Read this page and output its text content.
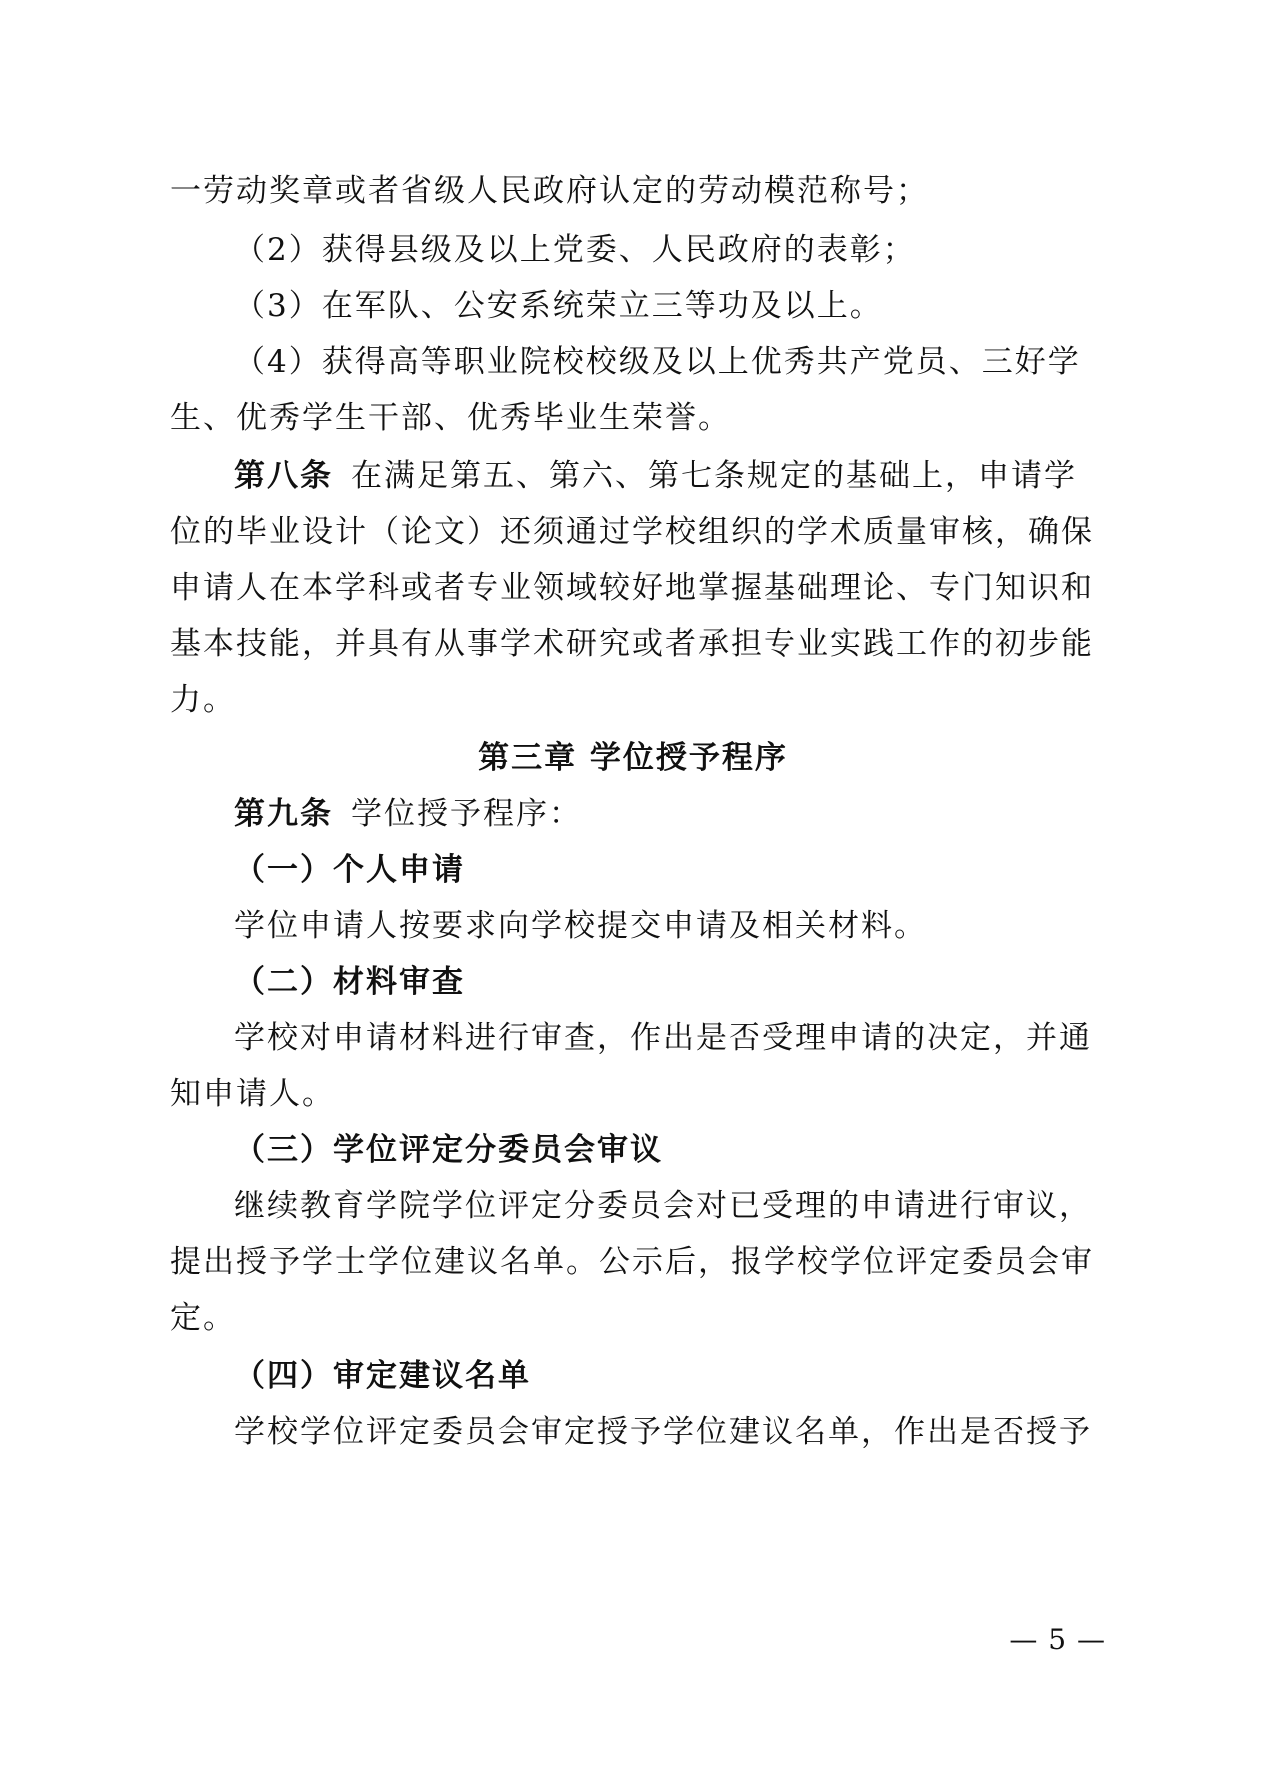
一劳动奖章或者省级人民政府认定的劳动模范称号；
（2）获得县级及以上党委、人民政府的表彰；
（3）在军队、公安系统荣立三等功及以上。
（4）获得高等职业院校校级及以上优秀共产党员、三好学
生、优秀学生干部、优秀毕业生荣誉。
第八条 在满足第五、第六、第七条规定的基础上，申请学
位的毕业设计（论文）还须通过学校组织的学术质量审核，确保
申请人在本学科或者专业领域较好地掌握基础理论、专门知识和
基本技能，并具有从事学术研究或者承担专业实践工作的初步能
力。
第三章 学位授予程序
第九条 学位授予程序：
（一）个人申请
学位申请人按要求向学校提交申请及相关材料。
（二）材料审查
学校对申请材料进行审查，作出是否受理申请的决定，并通
知申请人。
（三）学位评定分委员会审议
继续教育学院学位评定分委员会对已受理的申请进行审议，
提出授予学士学位建议名单。公示后，报学校学位评定委员会审
定。
（四）审定建议名单
学校学位评定委员会审定授予学位建议名单，作出是否授予
— 5 —
